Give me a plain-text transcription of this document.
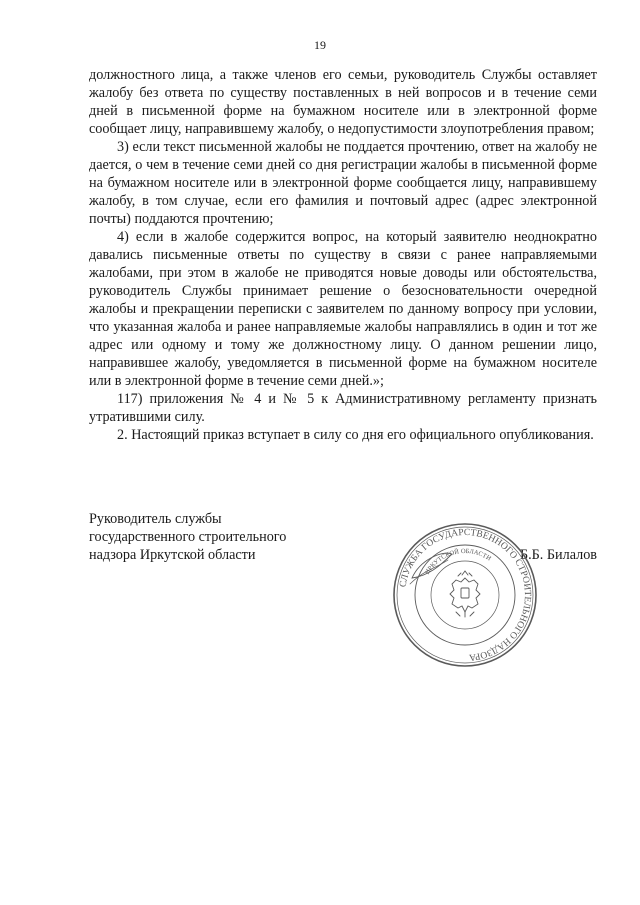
19

должностного лица, а также членов его семьи, руководитель Службы оставляет жалобу без ответа по существу поставленных в ней вопросов и в течение семи дней в письменной форме на бумажном носителе или в электронной форме сообщает лицу, направившему жалобу, о недопустимости злоупотребления правом;

3) если текст письменной жалобы не поддается прочтению, ответ на жалобу не дается, о чем в течение семи дней со дня регистрации жалобы в письменной форме на бумажном носителе или в электронной форме сообщается лицу, направившему жалобу, в том случае, если его фамилия и почтовый адрес (адрес электронной почты) поддаются прочтению;

4) если в жалобе содержится вопрос, на который заявителю неоднократно давались письменные ответы по существу в связи с ранее направляемыми жалобами, при этом в жалобе не приводятся новые доводы или обстоятельства, руководитель Службы принимает решение о безосновательности очередной жалобы и прекращении переписки с заявителем по данному вопросу при условии, что указанная жалоба и ранее направляемые жалобы направлялись в один и тот же адрес или одному и тому же должностному лицу. О данном решении лицо, направившее жалобу, уведомляется в письменной форме на бумажном носителе или в электронной форме в течение семи дней.»;

117) приложения № 4 и № 5 к Административному регламенту признать утратившими силу.

2. Настоящий приказ вступает в силу со дня его официального опубликования.

Руководитель службы
государственного строительного
надзора Иркутской области	Б.Б. Билалов
СЛУЖБА ГОСУДАРСТВЕННОГО СТРОИТЕЛЬНОГО НАДЗОРА
ИРКУТСКОЙ ОБЛАСТИ
